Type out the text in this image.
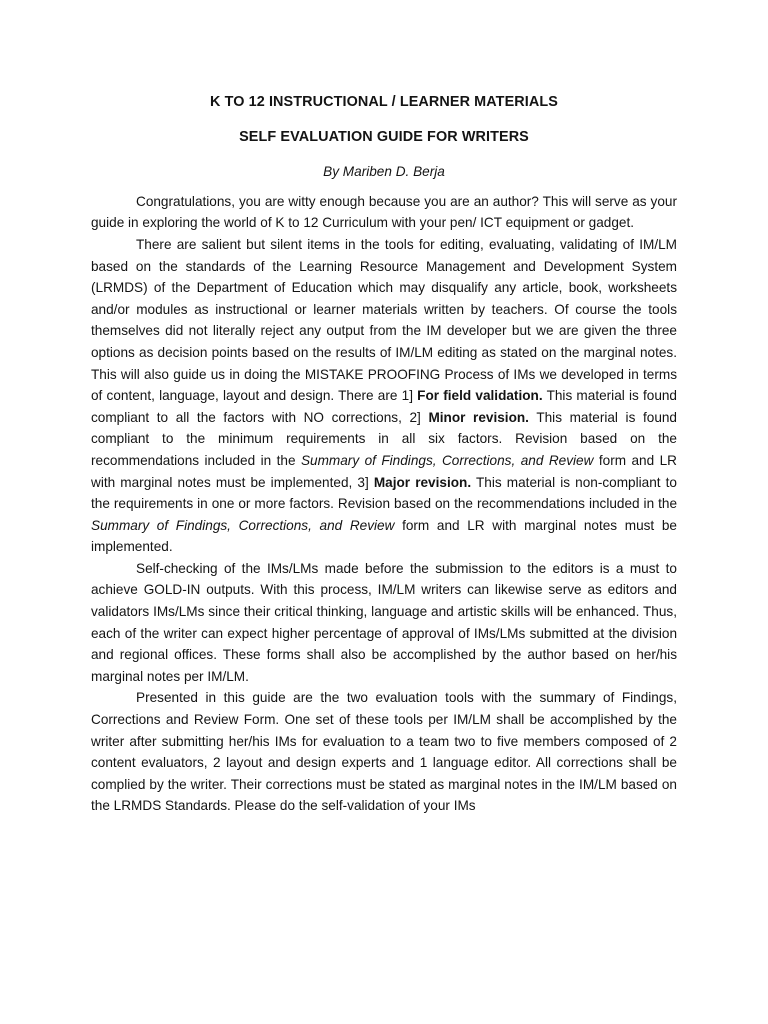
K TO 12 INSTRUCTIONAL / LEARNER MATERIALS
SELF EVALUATION GUIDE FOR WRITERS
By Mariben D. Berja

Congratulations, you are witty enough because you are an author? This will serve as your guide in exploring the world of K to 12 Curriculum with your pen/ ICT equipment or gadget.

There are salient but silent items in the tools for editing, evaluating, validating of IM/LM based on the standards of the Learning Resource Management and Development System (LRMDS) of the Department of Education which may disqualify any article, book, worksheets and/or modules as instructional or learner materials written by teachers. Of course the tools themselves did not literally reject any output from the IM developer but we are given the three options as decision points based on the results of IM/LM editing as stated on the marginal notes. This will also guide us in doing the MISTAKE PROOFING Process of IMs we developed in terms of content, language, layout and design. There are 1] For field validation. This material is found compliant to all the factors with NO corrections, 2] Minor revision. This material is found compliant to the minimum requirements in all six factors. Revision based on the recommendations included in the Summary of Findings, Corrections, and Review form and LR with marginal notes must be implemented, 3] Major revision. This material is non-compliant to the requirements in one or more factors. Revision based on the recommendations included in the Summary of Findings, Corrections, and Review form and LR with marginal notes must be implemented.

Self-checking of the IMs/LMs made before the submission to the editors is a must to achieve GOLD-IN outputs. With this process, IM/LM writers can likewise serve as editors and validators IMs/LMs since their critical thinking, language and artistic skills will be enhanced. Thus, each of the writer can expect higher percentage of approval of IMs/LMs submitted at the division and regional offices. These forms shall also be accomplished by the author based on her/his marginal notes per IM/LM.

Presented in this guide are the two evaluation tools with the summary of Findings, Corrections and Review Form. One set of these tools per IM/LM shall be accomplished by the writer after submitting her/his IMs for evaluation to a team two to five members composed of 2 content evaluators, 2 layout and design experts and 1 language editor. All corrections shall be complied by the writer. Their corrections must be stated as marginal notes in the IM/LM based on the LRMDS Standards. Please do the self-validation of your IMs
